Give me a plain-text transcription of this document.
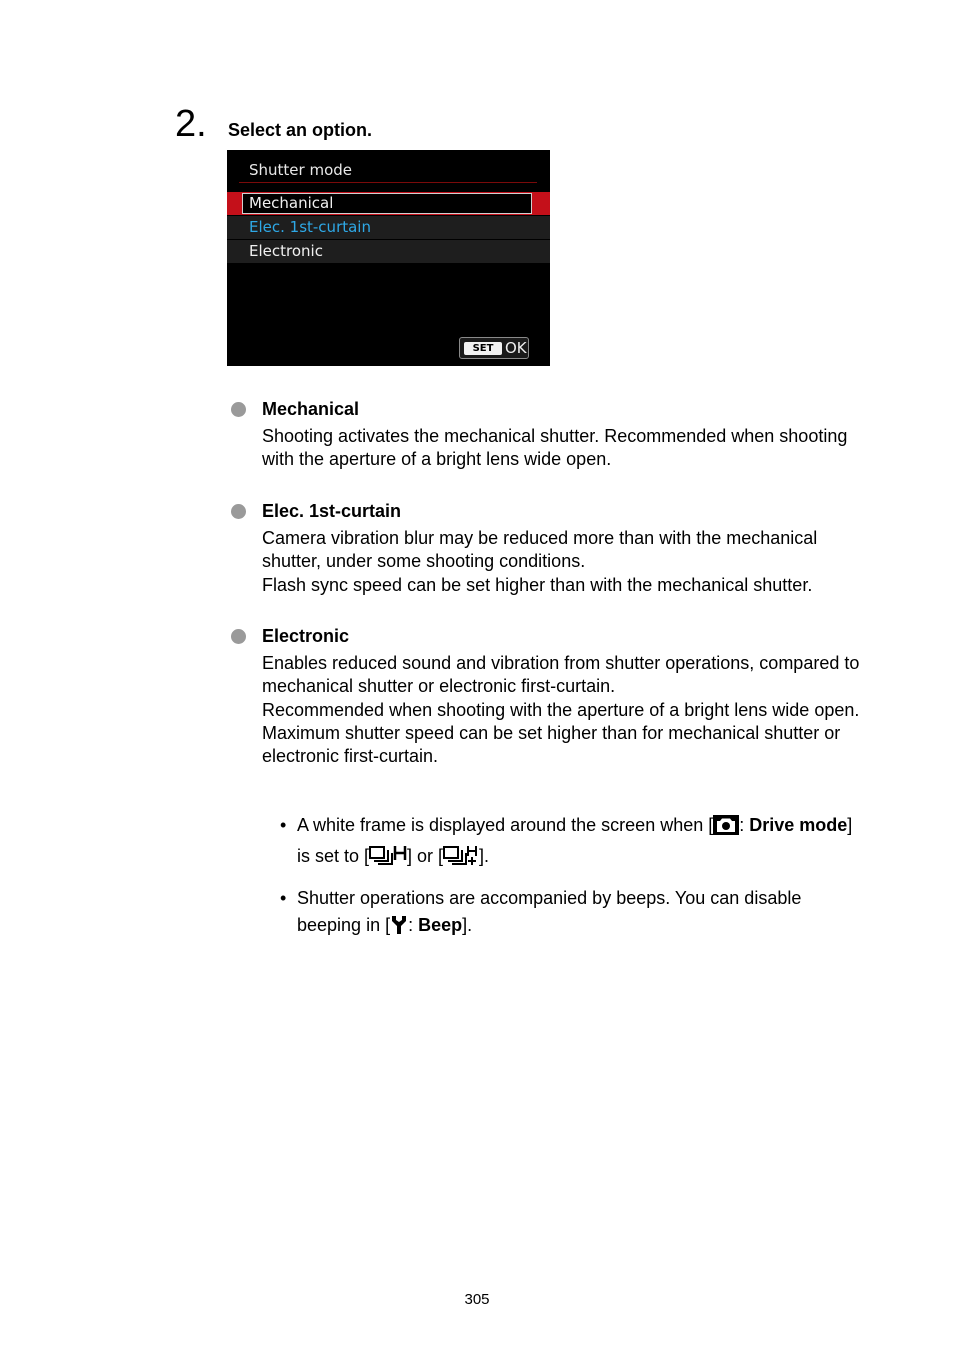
2. Select an option.
Shutter mode
Mechanical
Elec. 1st-curtain
Electronic
SET OK
Mechanical

Shooting activates the mechanical shutter. Recommended when shooting with the aperture of a bright lens wide open.

Elec. 1st-curtain

Camera vibration blur may be reduced more than with the mechanical shutter, under some shooting conditions.

Flash sync speed can be set higher than with the mechanical shutter.

Electronic

Enables reduced sound and vibration from shutter operations, compared to mechanical shutter or electronic first-curtain.

Recommended when shooting with the aperture of a bright lens wide open.

Maximum shutter speed can be set higher than for mechanical shutter or electronic first-curtain.

• A white frame is displayed around the screen when [ : Drive mode] is set to [ ] or [ ].
• Shutter operations are accompanied by beeps. You can disable beeping in [ : Beep].
305
